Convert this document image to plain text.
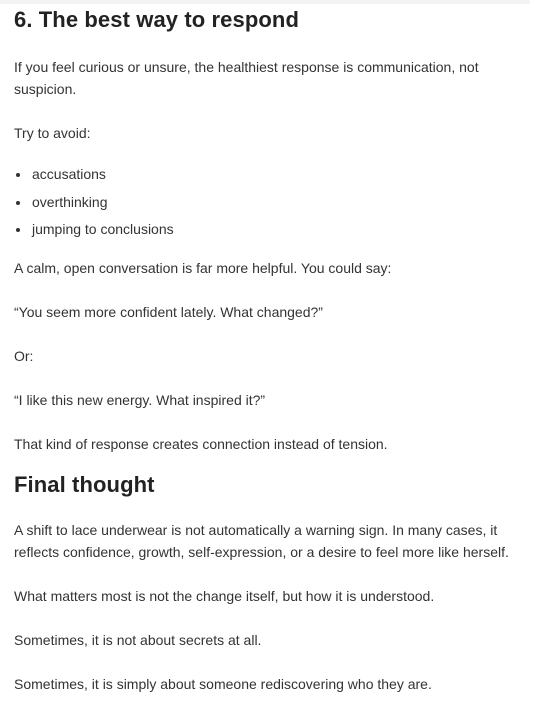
6. The best way to respond

If you feel curious or unsure, the healthiest response is communication, not suspicion.

Try to avoid:

accusations
overthinking
jumping to conclusions

A calm, open conversation is far more helpful. You could say:

“You seem more confident lately. What changed?”

Or:

“I like this new energy. What inspired it?”

That kind of response creates connection instead of tension.

Final thought

A shift to lace underwear is not automatically a warning sign. In many cases, it reflects confidence, growth, self-expression, or a desire to feel more like herself.

What matters most is not the change itself, but how it is understood.

Sometimes, it is not about secrets at all.

Sometimes, it is simply about someone rediscovering who they are.
